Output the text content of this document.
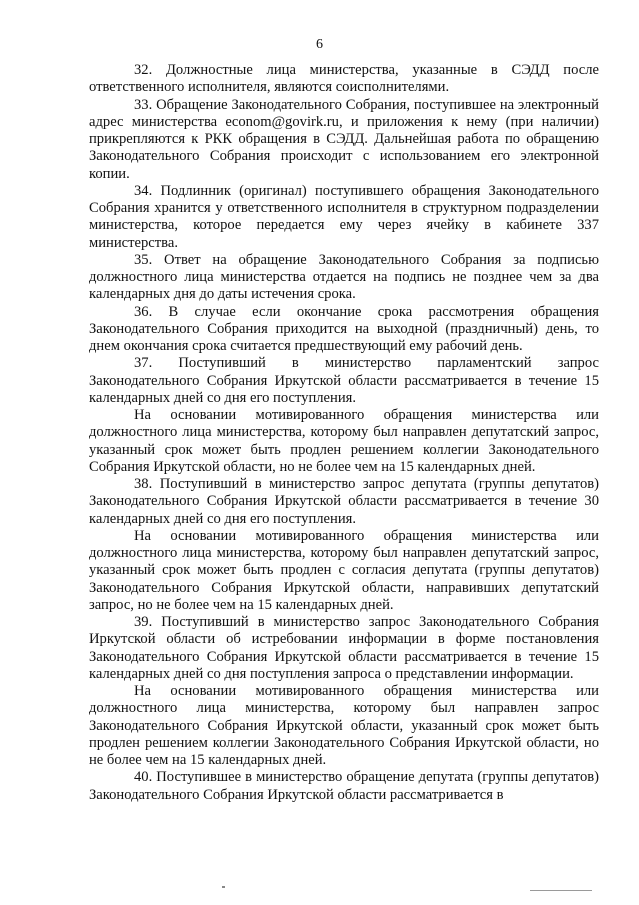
6

32. Должностные лица министерства, указанные в СЭДД после ответственного исполнителя, являются соисполнителями.

33. Обращение Законодательного Собрания, поступившее на электронный адрес министерства econom@govirk.ru, и приложения к нему (при наличии) прикрепляются к РКК обращения в СЭДД. Дальнейшая работа по обращению Законодательного Собрания происходит с использованием его электронной копии.

34. Подлинник (оригинал) поступившего обращения Законодательного Собрания хранится у ответственного исполнителя в структурном подразделении министерства, которое передается ему через ячейку в кабинете 337 министерства.

35. Ответ на обращение Законодательного Собрания за подписью должностного лица министерства отдается на подпись не позднее чем за два календарных дня до даты истечения срока.

36. В случае если окончание срока рассмотрения обращения Законодательного Собрания приходится на выходной (праздничный) день, то днем окончания срока считается предшествующий ему рабочий день.

37. Поступивший в министерство парламентский запрос Законодательного Собрания Иркутской области рассматривается в течение 15 календарных дней со дня его поступления.

На основании мотивированного обращения министерства или должностного лица министерства, которому был направлен депутатский запрос, указанный срок может быть продлен решением коллегии Законодательного Собрания Иркутской области, но не более чем на 15 календарных дней.

38. Поступивший в министерство запрос депутата (группы депутатов) Законодательного Собрания Иркутской области рассматривается в течение 30 календарных дней со дня его поступления.

На основании мотивированного обращения министерства или должностного лица министерства, которому был направлен депутатский запрос, указанный срок может быть продлен с согласия депутата (группы депутатов) Законодательного Собрания Иркутской области, направивших депутатский запрос, но не более чем на 15 календарных дней.

39. Поступивший в министерство запрос Законодательного Собрания Иркутской области об истребовании информации в форме постановления Законодательного Собрания Иркутской области рассматривается в течение 15 календарных дней со дня поступления запроса о представлении информации.

На основании мотивированного обращения министерства или должностного лица министерства, которому был направлен запрос Законодательного Собрания Иркутской области, указанный срок может быть продлен решением коллегии Законодательного Собрания Иркутской области, но не более чем на 15 календарных дней.

40. Поступившее в министерство обращение депутата (группы депутатов) Законодательного Собрания Иркутской области рассматривается в
